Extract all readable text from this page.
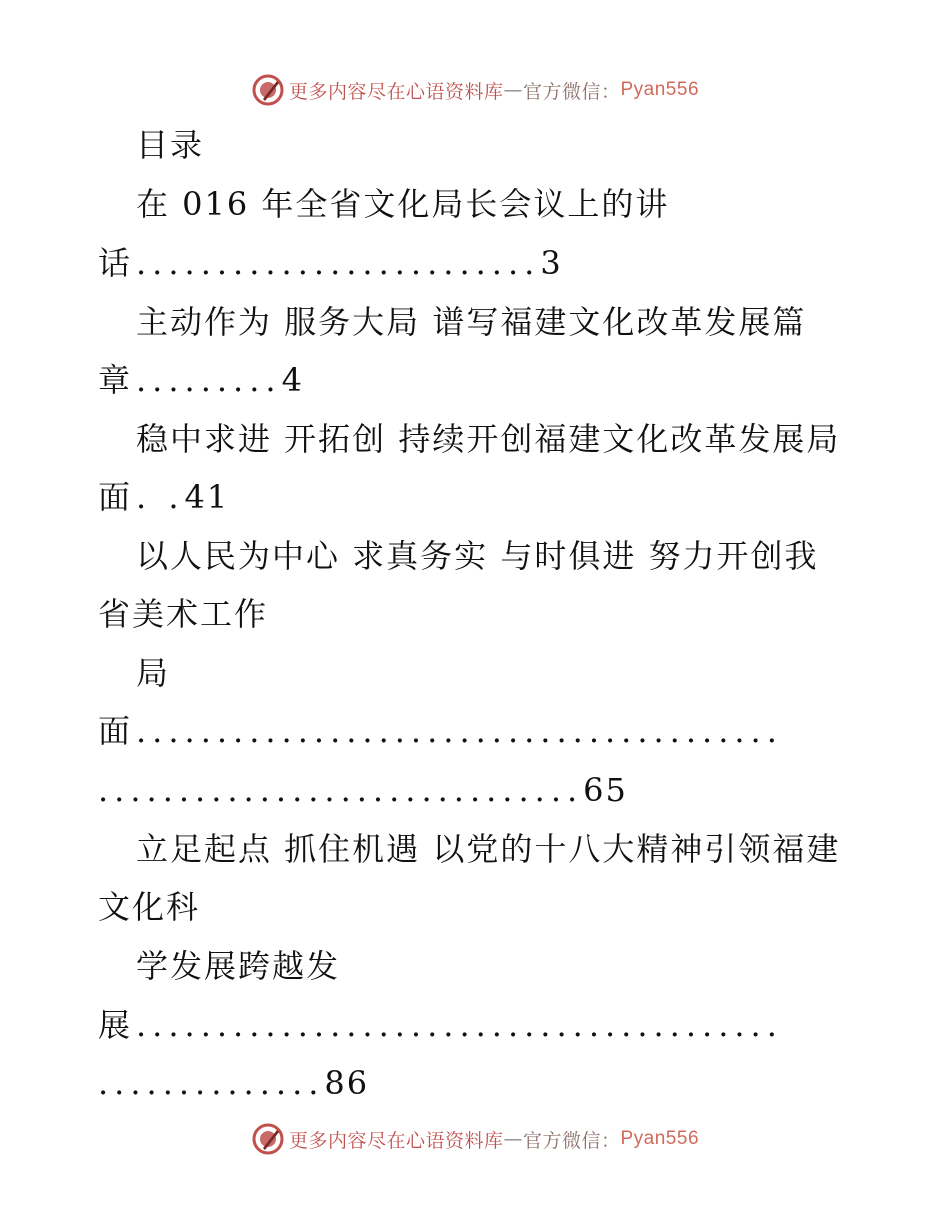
更多内容尽在心语资料库 — 官方微信： Pyan556
目录
在 016 年全省文化局长会议上的讲
话.........................3
主动作为 服务大局 谱写福建文化改革发展篇
章.........4
稳中求进 开拓创 持续开创福建文化改革发展局
面. .41
以人民为中心 求真务实 与时俱进 努力开创我
省美术工作
局
面........................................
..............................65
立足起点 抓住机遇 以党的十八大精神引领福建
文化科
学发展跨越发
展........................................
..............86
更多内容尽在心语资料库 — 官方微信： Pyan556
